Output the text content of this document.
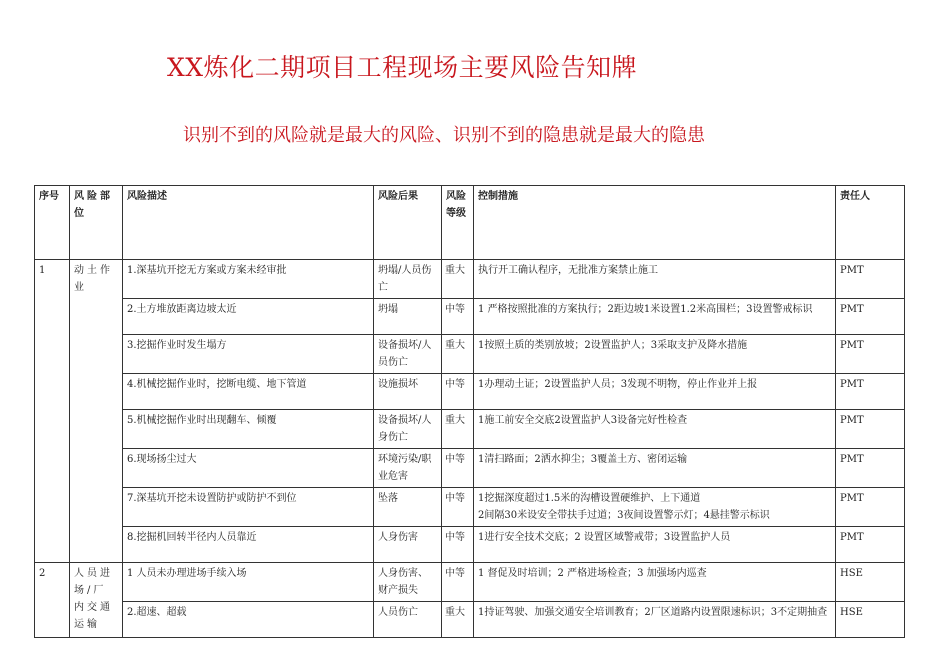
XX炼化二期项目工程现场主要风险告知牌
识别不到的风险就是最大的风险、识别不到的隐患就是最大的隐患
序号	风险部位	风险描述	风险后果	风险等级	控制措施	责任人
1	动土作业	1.深基坑开挖无方案或方案未经审批	坍塌/人员伤亡	重大	执行开工确认程序，无批准方案禁止施工	PMT
		2.土方堆放距离边坡太近	坍塌	中等	1 严格按照批准的方案执行；2距边坡1米设置1.2米高围栏；3设置警戒标识	PMT
		3.挖掘作业时发生塌方	设备损坏/人员伤亡	重大	1按照土质的类别放坡；2设置监护人；3采取支护及降水措施	PMT
		4.机械挖掘作业时，挖断电缆、地下管道	设施损坏	中等	1办理动土证；2设置监护人员；3发现不明物，停止作业并上报	PMT
		5.机械挖掘作业时出现翻车、倾覆	设备损坏/人身伤亡	重大	1施工前安全交底2设置监护人3设备完好性检查	PMT
		6.现场扬尘过大	环境污染/职业危害	中等	1清扫路面；2洒水抑尘；3覆盖土方、密闭运输	PMT
		7.深基坑开挖未设置防护或防护不到位	坠落	中等	1挖掘深度超过1.5米的沟槽设置硬维护、上下通道
2间隔30米设安全带扶手过道；3夜间设置警示灯；4悬挂警示标识	PMT
		8.挖掘机回转半径内人员靠近	人身伤害	中等	1进行安全技术交底；2 设置区域警戒带；3设置监护人员	PMT
2	人员进场/厂内交通运输	1 人员未办理进场手续入场	人身伤害、财产损失	中等	1 督促及时培训；2 严格进场检查；3 加强场内巡查	HSE
		2.超速、超载	人员伤亡	重大	1持证驾驶、加强交通安全培训教育；2厂区道路内设置限速标识；3不定期抽查	HSE
